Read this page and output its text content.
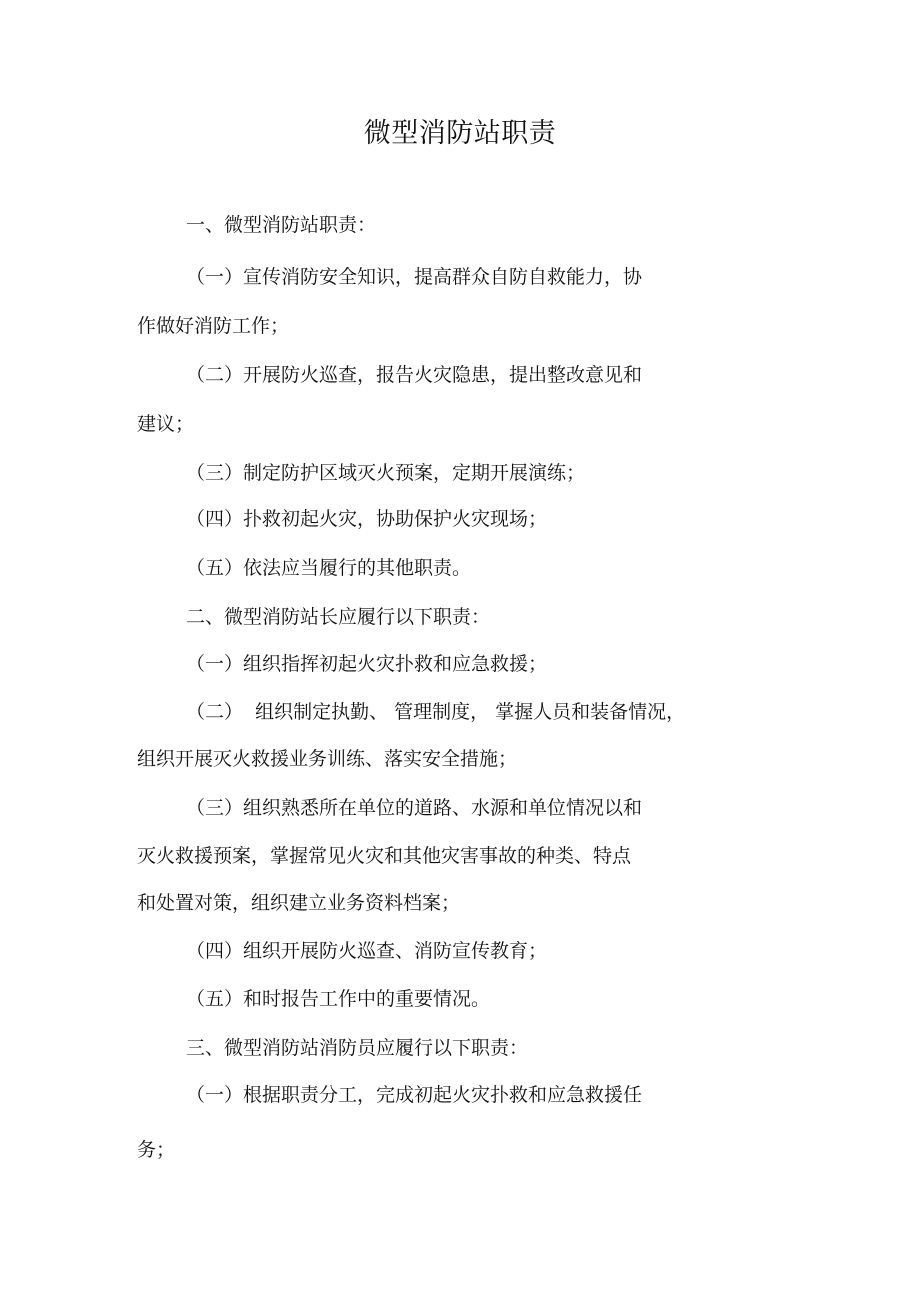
微型消防站职责
一、微型消防站职责：
（一）宣传消防安全知识，提高群众自防自救能力，协
作做好消防工作；
（二）开展防火巡查，报告火灾隐患，提出整改意见和
建议；
（三）制定防护区域灭火预案，定期开展演练；
（四）扑救初起火灾，协助保护火灾现场；
（五）依法应当履行的其他职责。
二、微型消防站长应履行以下职责：
（一）组织指挥初起火灾扑救和应急救援；
（二）  组织制定执勤、 管理制度， 掌握人员和装备情况，
组织开展灭火救援业务训练、落实安全措施；
（三）组织熟悉所在单位的道路、水源和单位情况以和
灭火救援预案，掌握常见火灾和其他灾害事故的种类、特点
和处置对策，组织建立业务资料档案；
（四）组织开展防火巡查、消防宣传教育；
（五）和时报告工作中的重要情况。
三、微型消防站消防员应履行以下职责：
（一）根据职责分工，完成初起火灾扑救和应急救援任
务；
